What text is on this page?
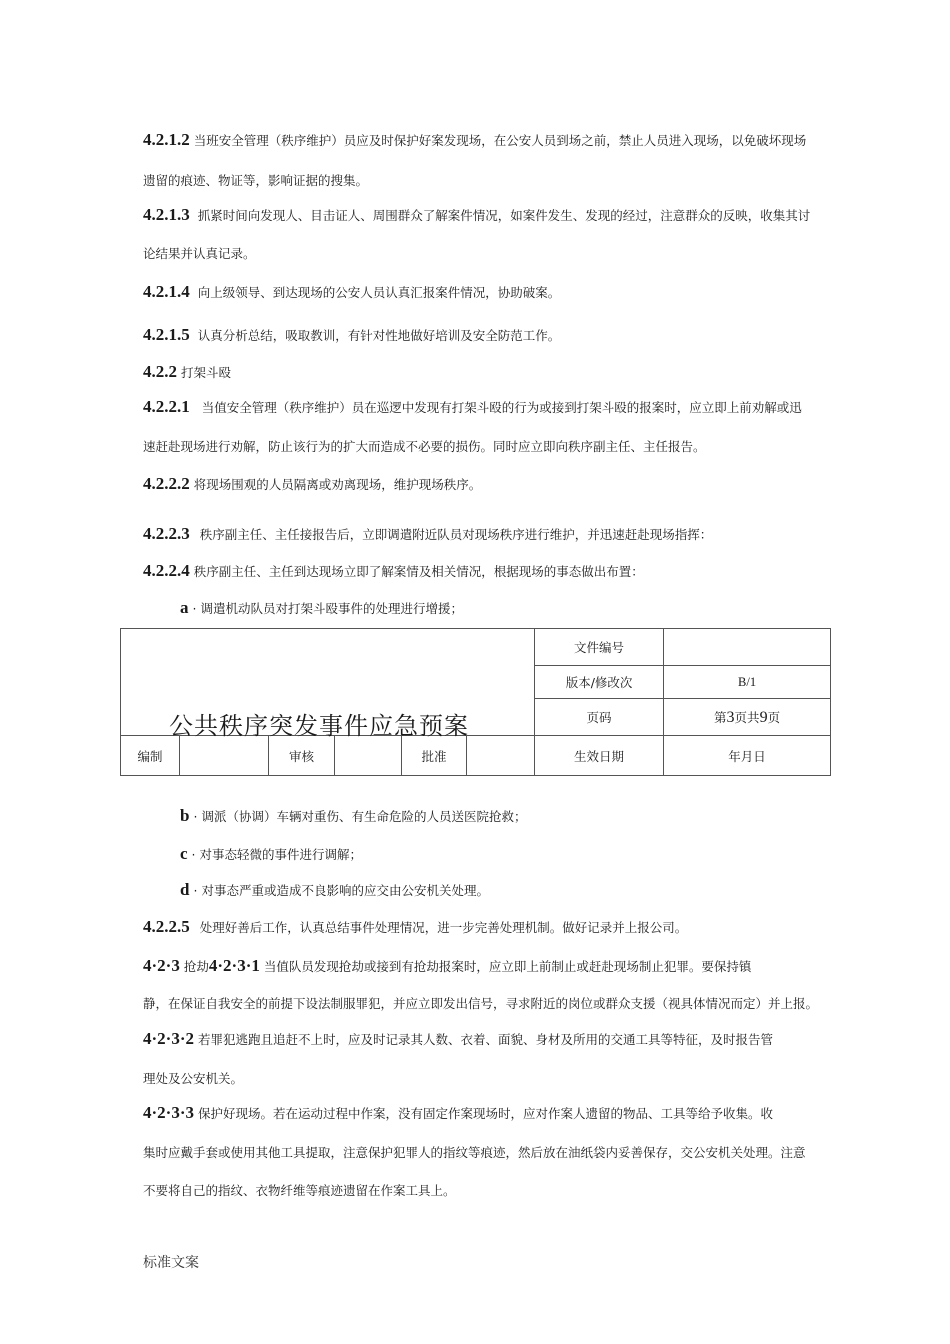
4.2.1.2 当班安全管理（秩序维护）员应及时保护好案发现场，在公安人员到场之前，禁止人员进入现场，以免破坏现场
遗留的痕迹、物证等，影响证据的搜集。
4.2.1.3 抓紧时间向发现人、目击证人、周围群众了解案件情况，如案件发生、发现的经过，注意群众的反映，收集其讨
论结果并认真记录。
4.2.1.4 向上级领导、到达现场的公安人员认真汇报案件情况，协助破案。
4.2.1.5 认真分析总结，吸取教训，有针对性地做好培训及安全防范工作。
4.2.2 打架斗殴
4.2.2.1 当值安全管理（秩序维护）员在巡逻中发现有打架斗殴的行为或接到打架斗殴的报案时，应立即上前劝解或迅
速赶赴现场进行劝解，防止该行为的扩大而造成不必要的损伤。同时应立即向秩序副主任、主任报告。
4.2.2.2 将现场围观的人员隔离或劝离现场，维护现场秩序。
4.2.2.3 秩序副主任、主任接报告后，立即调遣附近队员对现场秩序进行维护，并迅速赶赴现场指挥：
4.2.2.4 秩序副主任、主任到达现场立即了解案情及相关情况，根据现场的事态做出布置：
a · 调遣机动队员对打架斗殴事件的处理进行增援；
公共秩序突发事件应急预案						文件编号	
						版本/修改次	B/1
						页码	第3页共9页
编制		审核		批准		生效日期	年月日
b · 调派（协调）车辆对重伤、有生命危险的人员送医院抢救；
c · 对事态轻微的事件进行调解；
d · 对事态严重或造成不良影响的应交由公安机关处理。
4.2.2.5 处理好善后工作，认真总结事件处理情况，进一步完善处理机制。做好记录并上报公司。
4·2·3 抢劫4·2·3·1 当值队员发现抢劫或接到有抢劫报案时，应立即上前制止或赶赴现场制止犯罪。要保持镇
静，在保证自我安全的前提下设法制服罪犯，并应立即发出信号，寻求附近的岗位或群众支援（视具体情况而定）并上报。
4·2·3·2 若罪犯逃跑且追赶不上时，应及时记录其人数、衣着、面貌、身材及所用的交通工具等特征，及时报告管
理处及公安机关。
4·2·3·3 保护好现场。若在运动过程中作案，没有固定作案现场时，应对作案人遗留的物品、工具等给予收集。收
集时应戴手套或使用其他工具提取，注意保护犯罪人的指纹等痕迹，然后放在油纸袋内妥善保存，交公安机关处理。注意
不要将自己的指纹、衣物纤维等痕迹遗留在作案工具上。
标准文案
